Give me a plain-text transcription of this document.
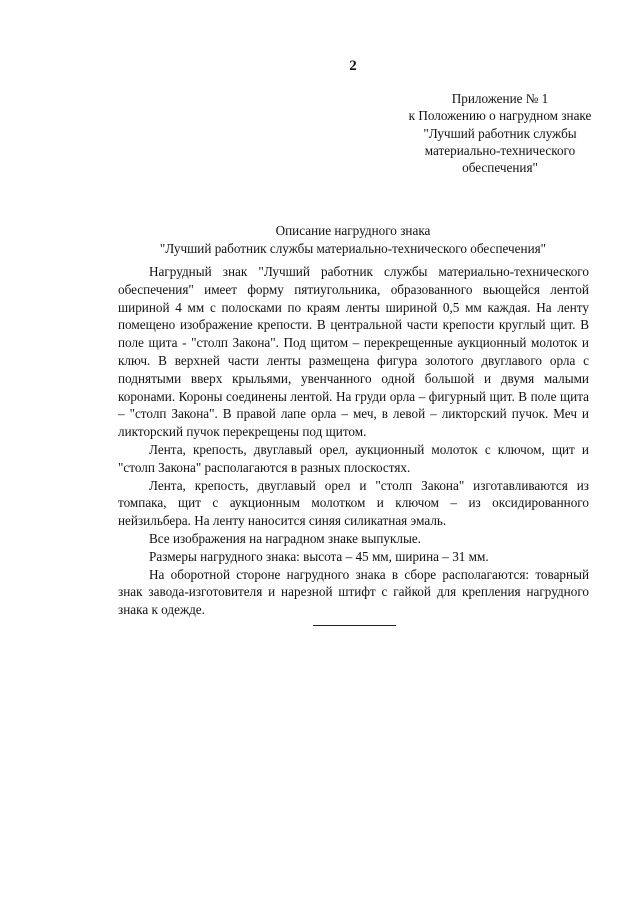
2
Приложение № 1
к Положению о нагрудном знаке
"Лучший работник службы
материально-технического
обеспечения"
Описание нагрудного знака
"Лучший работник службы материально-технического обеспечения"

Нагрудный знак "Лучший работник службы материально-технического обеспечения" имеет форму пятиугольника, образованного вьющейся лентой шириной 4 мм с полосками по краям ленты шириной 0,5 мм каждая. На ленту помещено изображение крепости. В центральной части крепости круглый щит. В поле щита - "столп Закона". Под щитом – перекрещенные аукционный молоток и ключ. В верхней части ленты размещена фигура золотого двуглавого орла с поднятыми вверх крыльями, увенчанного одной большой и двумя малыми коронами. Короны соединены лентой. На груди орла – фигурный щит. В поле щита – "столп Закона". В правой лапе орла – меч, в левой – ликторский пучок. Меч и ликторский пучок перекрещены под щитом.

Лента, крепость, двуглавый орел, аукционный молоток с ключом, щит и "столп Закона" располагаются в разных плоскостях.

Лента, крепость, двуглавый орел и "столп Закона" изготавливаются из томпака, щит с аукционным молотком и ключом – из оксидированного нейзильбера. На ленту наносится синяя силикатная эмаль.

Все изображения на наградном знаке выпуклые.

Размеры нагрудного знака: высота – 45 мм, ширина – 31 мм.

На оборотной стороне нагрудного знака в сборе располагаются: товарный знак завода-изготовителя и нарезной штифт с гайкой для крепления нагрудного знака к одежде.
